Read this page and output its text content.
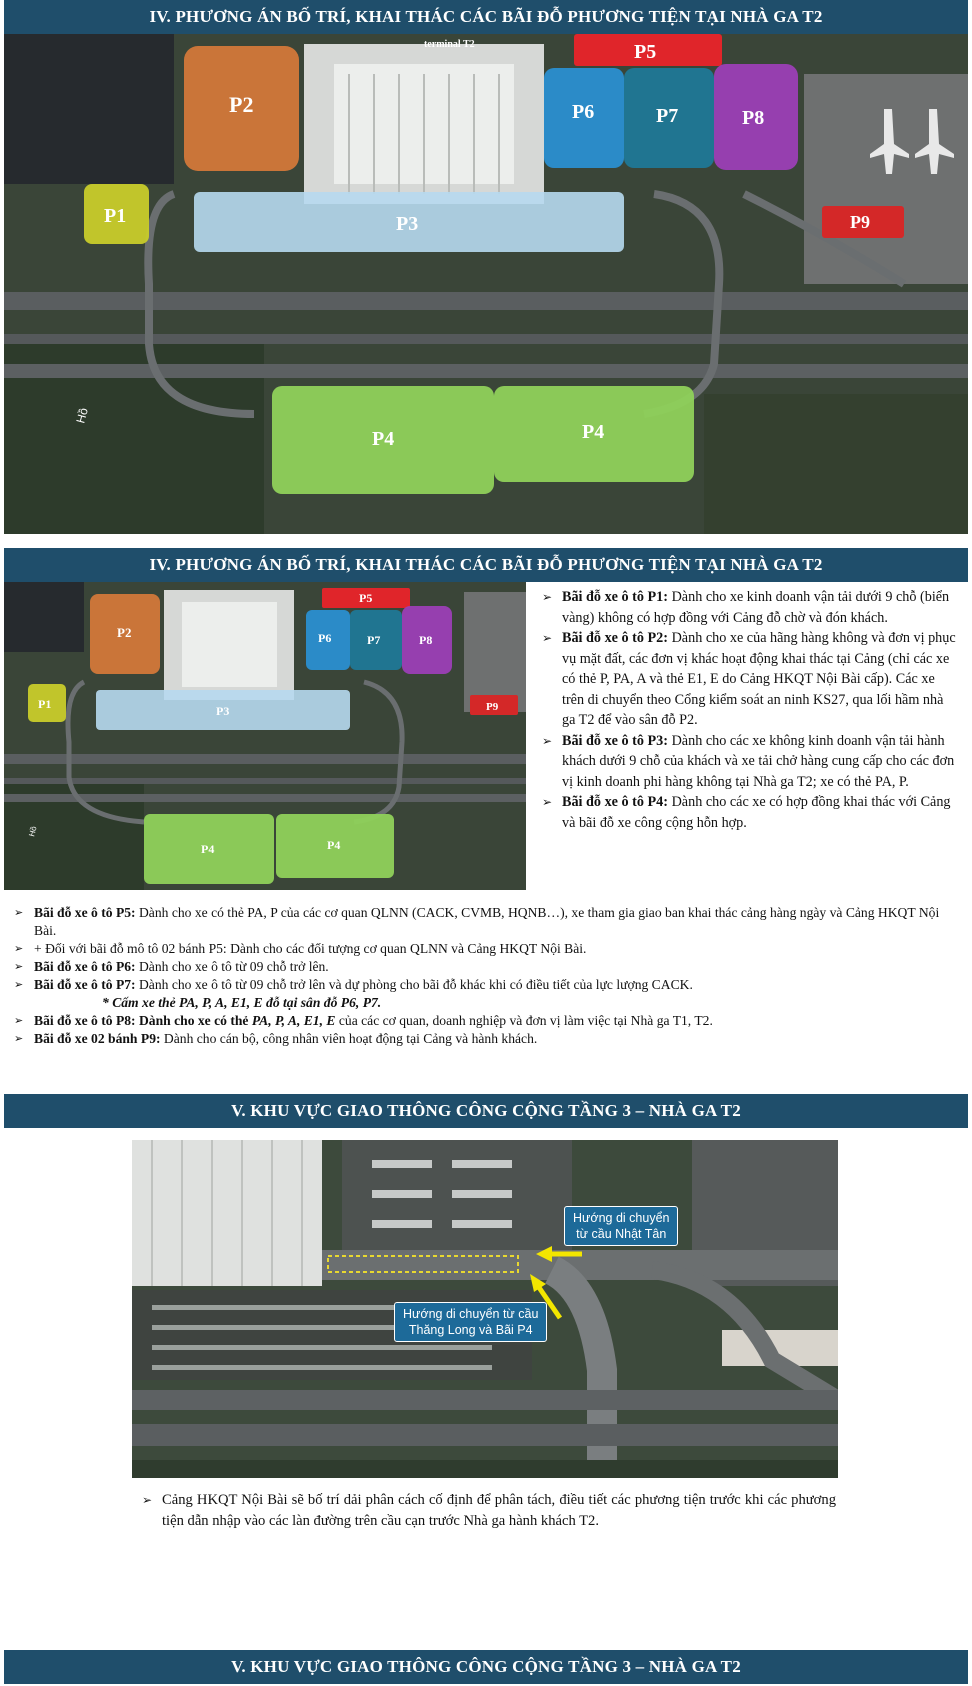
IV. PHƯƠNG ÁN BỐ TRÍ, KHAI THÁC CÁC BÃI ĐỖ PHƯƠNG TIỆN TẠI NHÀ GA T2
terminal T2
P2
P1	P3
P5
P6	P7	P8
P9
P4	P4
Hồ
IV. PHƯƠNG ÁN BỐ TRÍ, KHAI THÁC CÁC BÃI ĐỖ PHƯƠNG TIỆN TẠI NHÀ GA T2
P2
P1	P3
P5
P6	P7	P8
P9
P4	P4
Hồ
➢ Bãi đỗ xe ô tô P1: Dành cho xe kinh doanh vận tải dưới 9 chỗ (biển vàng) không có hợp đồng với Cảng đỗ chờ và đón khách.
➢ Bãi đỗ xe ô tô P2: Dành cho xe của hãng hàng không và đơn vị phục vụ mặt đất, các đơn vị khác hoạt động khai thác tại Cảng (chỉ các xe có thẻ P, PA, A và thẻ E1, E do Cảng HKQT Nội Bài cấp). Các xe trên di chuyển theo Cổng kiểm soát an ninh KS27, qua lối hầm nhà ga T2 để vào sân đỗ P2.
➢ Bãi đỗ xe ô tô P3: Dành cho các xe không kinh doanh vận tải hành khách dưới 9 chỗ của khách và xe tải chở hàng cung cấp cho các đơn vị kinh doanh phi hàng không tại Nhà ga T2; xe có thẻ PA, P.
➢ Bãi đỗ xe ô tô P4: Dành cho các xe có hợp đồng khai thác với Cảng và bãi đỗ xe công cộng hỗn hợp.
➢ Bãi đỗ xe ô tô P5: Dành cho xe có thẻ PA, P của các cơ quan QLNN (CACK, CVMB, HQNB…), xe tham gia giao ban khai thác cảng hàng ngày và Cảng HKQT Nội Bài.
➢ + Đối với bãi đỗ mô tô 02 bánh P5: Dành cho các đối tượng cơ quan QLNN và Cảng HKQT Nội Bài.
➢ Bãi đỗ xe ô tô P6: Dành cho xe ô tô từ 09 chỗ trở lên.
➢ Bãi đỗ xe ô tô P7: Dành cho xe ô tô từ 09 chỗ trở lên và dự phòng cho bãi đỗ khác khi có điều tiết của lực lượng CACK.
* Cấm xe thẻ PA, P, A, E1, E đỗ tại sân đỗ P6, P7.
➢ Bãi đỗ xe ô tô P8: Dành cho xe có thẻ PA, P, A, E1, E của các cơ quan, doanh nghiệp và đơn vị làm việc tại Nhà ga T1, T2.
➢ Bãi đỗ xe 02 bánh P9: Dành cho cán bộ, công nhân viên hoạt động tại Cảng và hành khách.
V. KHU VỰC GIAO THÔNG CÔNG CỘNG TẦNG 3 – NHÀ GA T2
Hướng di chuyển
từ cầu Nhật Tân
Hướng di chuyển từ cầu
Thăng Long và Bãi P4
➢ Cảng HKQT Nội Bài sẽ bố trí dải phân cách cố định để phân tách, điều tiết các phương tiện trước khi các phương tiện dẫn nhập vào các làn đường trên cầu cạn trước Nhà ga hành khách T2.
V. KHU VỰC GIAO THÔNG CÔNG CỘNG TẦNG 3 – NHÀ GA T2
